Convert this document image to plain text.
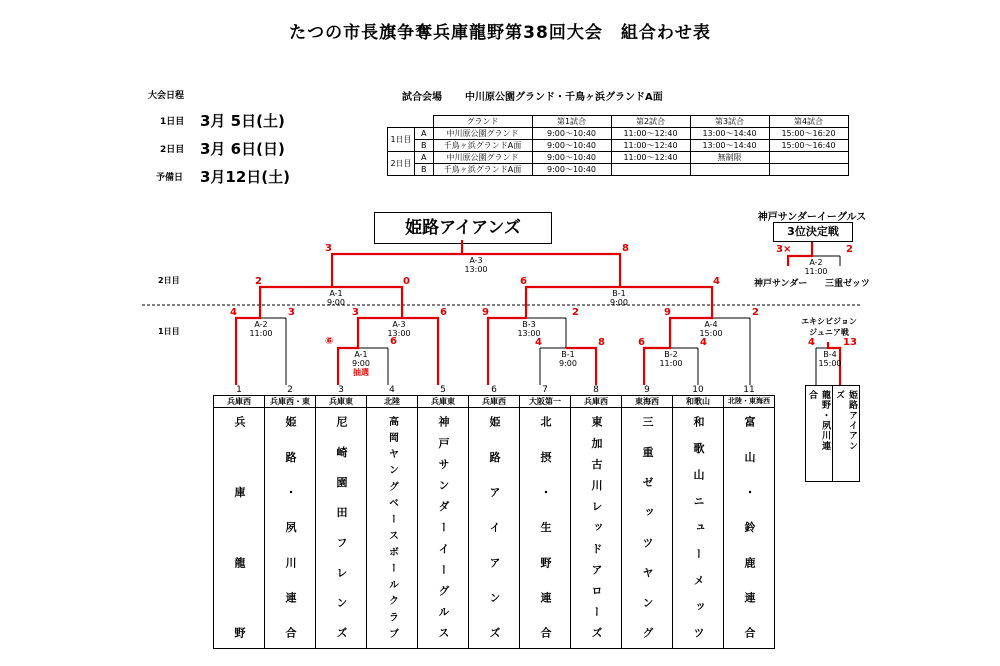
たつの市長旗争奪兵庫龍野第38回大会　組合わせ表
大会日程
1日目 3月 5日(土)
2日目 3月 6日(日)
予備日 3月12日(土)
試合会場 中川原公園グランド・千鳥ヶ浜グランドA面
		グランド	第1試合	第2試合	第3試合	第4試合
1日目	A	中川原公園グランド	9:00～10:40	11:00～12:40	13:00～14:40	15:00～16:20
	B	千鳥ヶ浜グランドA面	9:00～10:40	11:00～12:40	13:00～14:40	15:00～16:40
2日目	A	中川原公園グランド	9:00～10:40	11:00～12:40	無制限	
	B	千鳥ヶ浜グランドA面	9:00～10:40			
姫路アイアンズ
神戸サンダーイーグルス
3位決定戦
2日目
1日目
A-3
13:00
A-1
9:00
B-1
9:00
A-2
11:00
A-3
13:00
A-1
9:00
抽選
B-3
13:00
B-1
9:00
B-2
11:00
A-4
15:00
A-2
11:00
B-4
15:00
3	8
2	0	6	4
4	3	3	6
⑥	6
9	2
4	8
9	2
6	4
3×	2
4	13
神戸サンダー 三重ゼッツ
エキシビジョン
ジュニア戦
1	2	3	4	5	6	7	8	9	10	11
兵庫西	兵庫西・東	兵庫東	北陸	兵庫東	兵庫西	大阪第一	兵庫西	東海西	和歌山	北陸・東海西
兵庫龍野	姫路・夙川連合	尼崎園田フレンズ	高岡ヤングベースボールクラブ	神戸サンダーイーグルス	姫路アイアンズ	北摂・生野連合	東加古川レッドアローズ	三重ゼッツヤング	和歌山ニューメッツ	富山・鈴鹿連合	龍野・夙川連合	姫路アイアンズ
